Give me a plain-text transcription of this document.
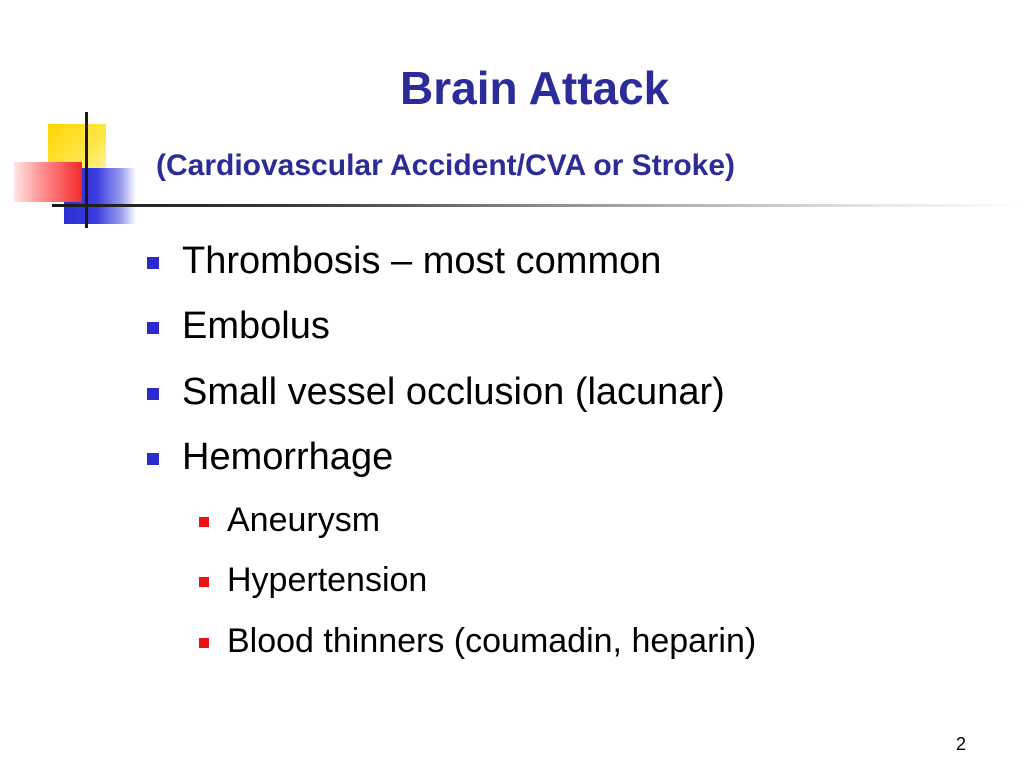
Brain Attack
(Cardiovascular Accident/CVA or Stroke)
Thrombosis – most common
Embolus
Small vessel occlusion (lacunar)
Hemorrhage
Aneurysm
Hypertension
Blood thinners (coumadin, heparin)
2
